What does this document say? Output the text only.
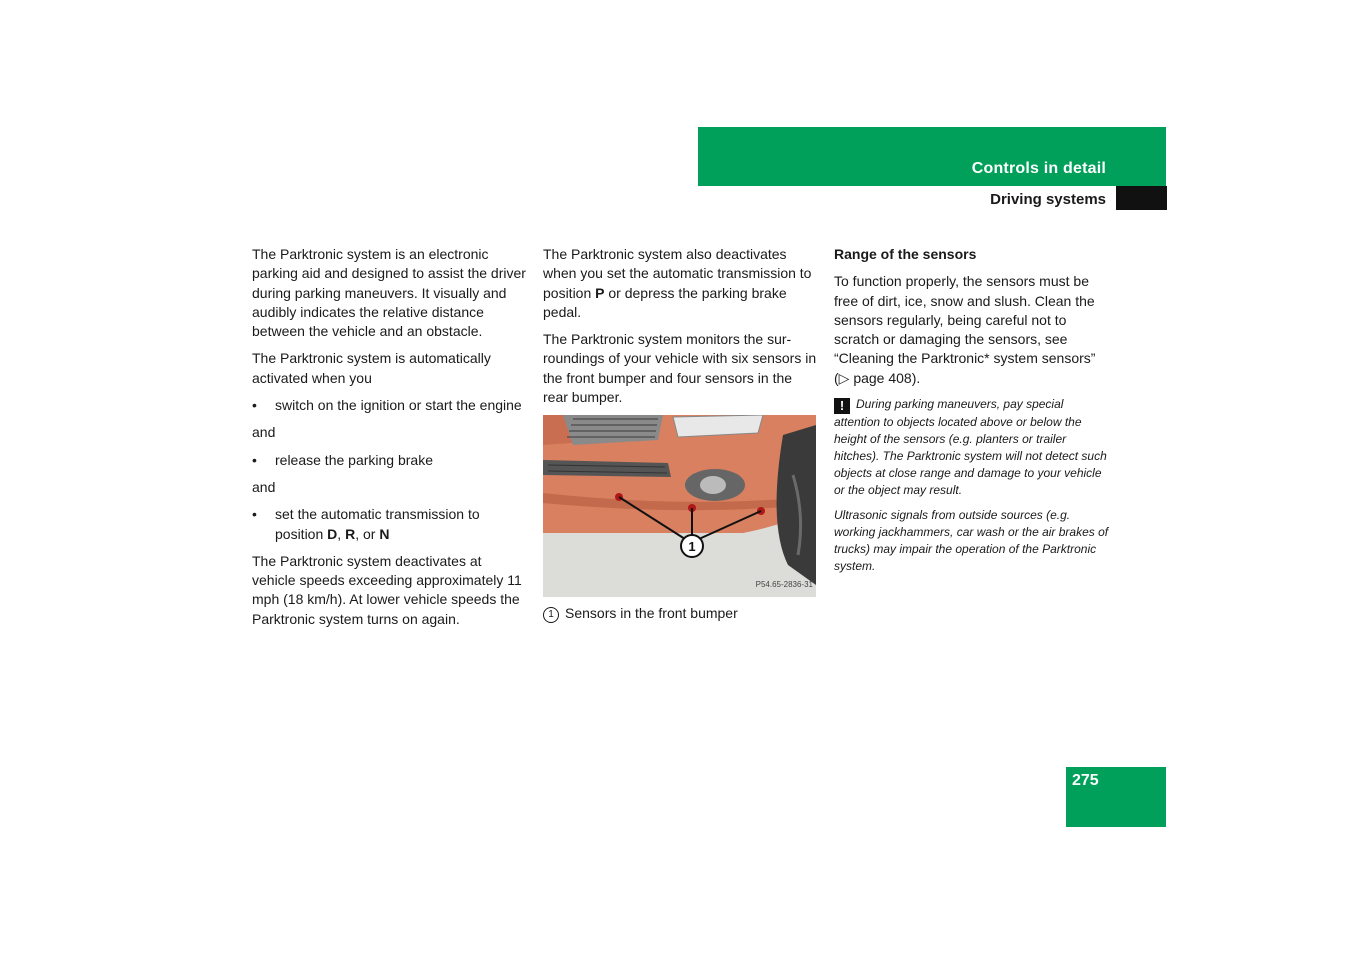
Controls in detail
Driving systems

The Parktronic system is an electronic parking aid and designed to assist the driver during parking maneuvers. It visually and audibly indicates the relative distance between the vehicle and an obstacle.

The Parktronic system is automatically activated when you

• switch on the ignition or start the engine

and

• release the parking brake

and

• set the automatic transmission to position D, R, or N

The Parktronic system deactivates at vehicle speeds exceeding approximately 11 mph (18 km/h). At lower vehicle speeds the Parktronic system turns on again.

The Parktronic system also deactivates when you set the automatic transmission to position P or depress the parking brake pedal.

The Parktronic system monitors the sur-roundings of your vehicle with six sensors in the front bumper and four sensors in the rear bumper.

1
P54.65-2836-31
1 Sensors in the front bumper

Range of the sensors

To function properly, the sensors must be free of dirt, ice, snow and slush. Clean the sensors regularly, being careful not to scratch or damaging the sensors, see “Cleaning the Parktronic* system sensors” (▷ page 408).

! During parking maneuvers, pay special attention to objects located above or below the height of the sensors (e.g. planters or trailer hitches). The Parktronic system will not detect such objects at close range and damage to your vehicle or the object may result.

Ultrasonic signals from outside sources (e.g. working jackhammers, car wash or the air brakes of trucks) may impair the operation of the Parktronic system.

275
